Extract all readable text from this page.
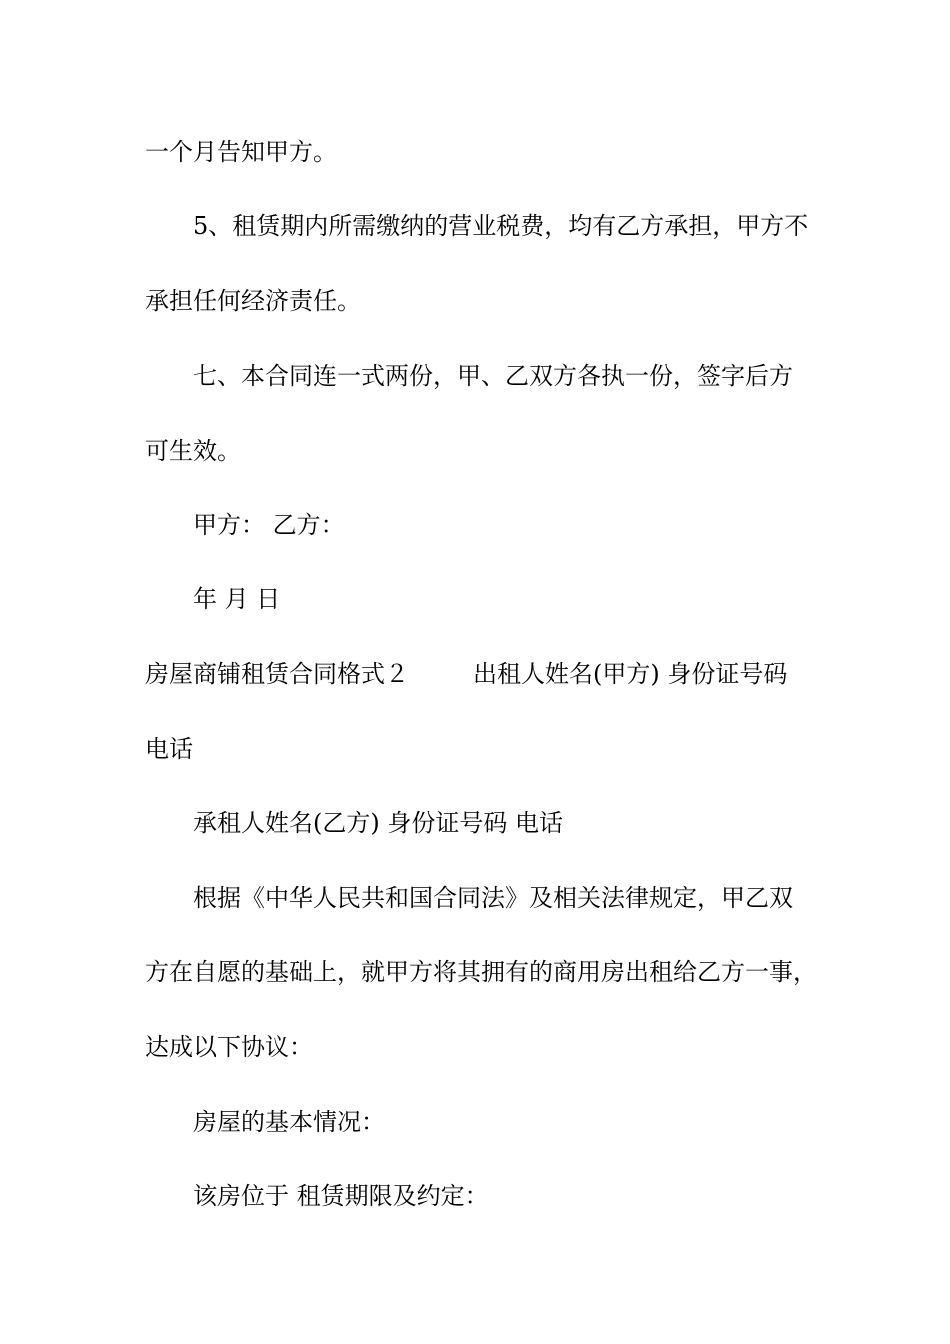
一个月告知甲方。
5、租赁期内所需缴纳的营业税费，均有乙方承担，甲方不
承担任何经济责任。
七、本合同连一式两份，甲、乙双方各执一份，签字后方
可生效。
甲方： 乙方：
年 月 日
房屋商铺租赁合同格式２	出租人姓名(甲方) 身份证号码
电话
承租人姓名(乙方) 身份证号码 电话
根据《中华人民共和国合同法》及相关法律规定，甲乙双
方在自愿的基础上，就甲方将其拥有的商用房出租给乙方一事，
达成以下协议：
房屋的基本情况：
该房位于 租赁期限及约定：
